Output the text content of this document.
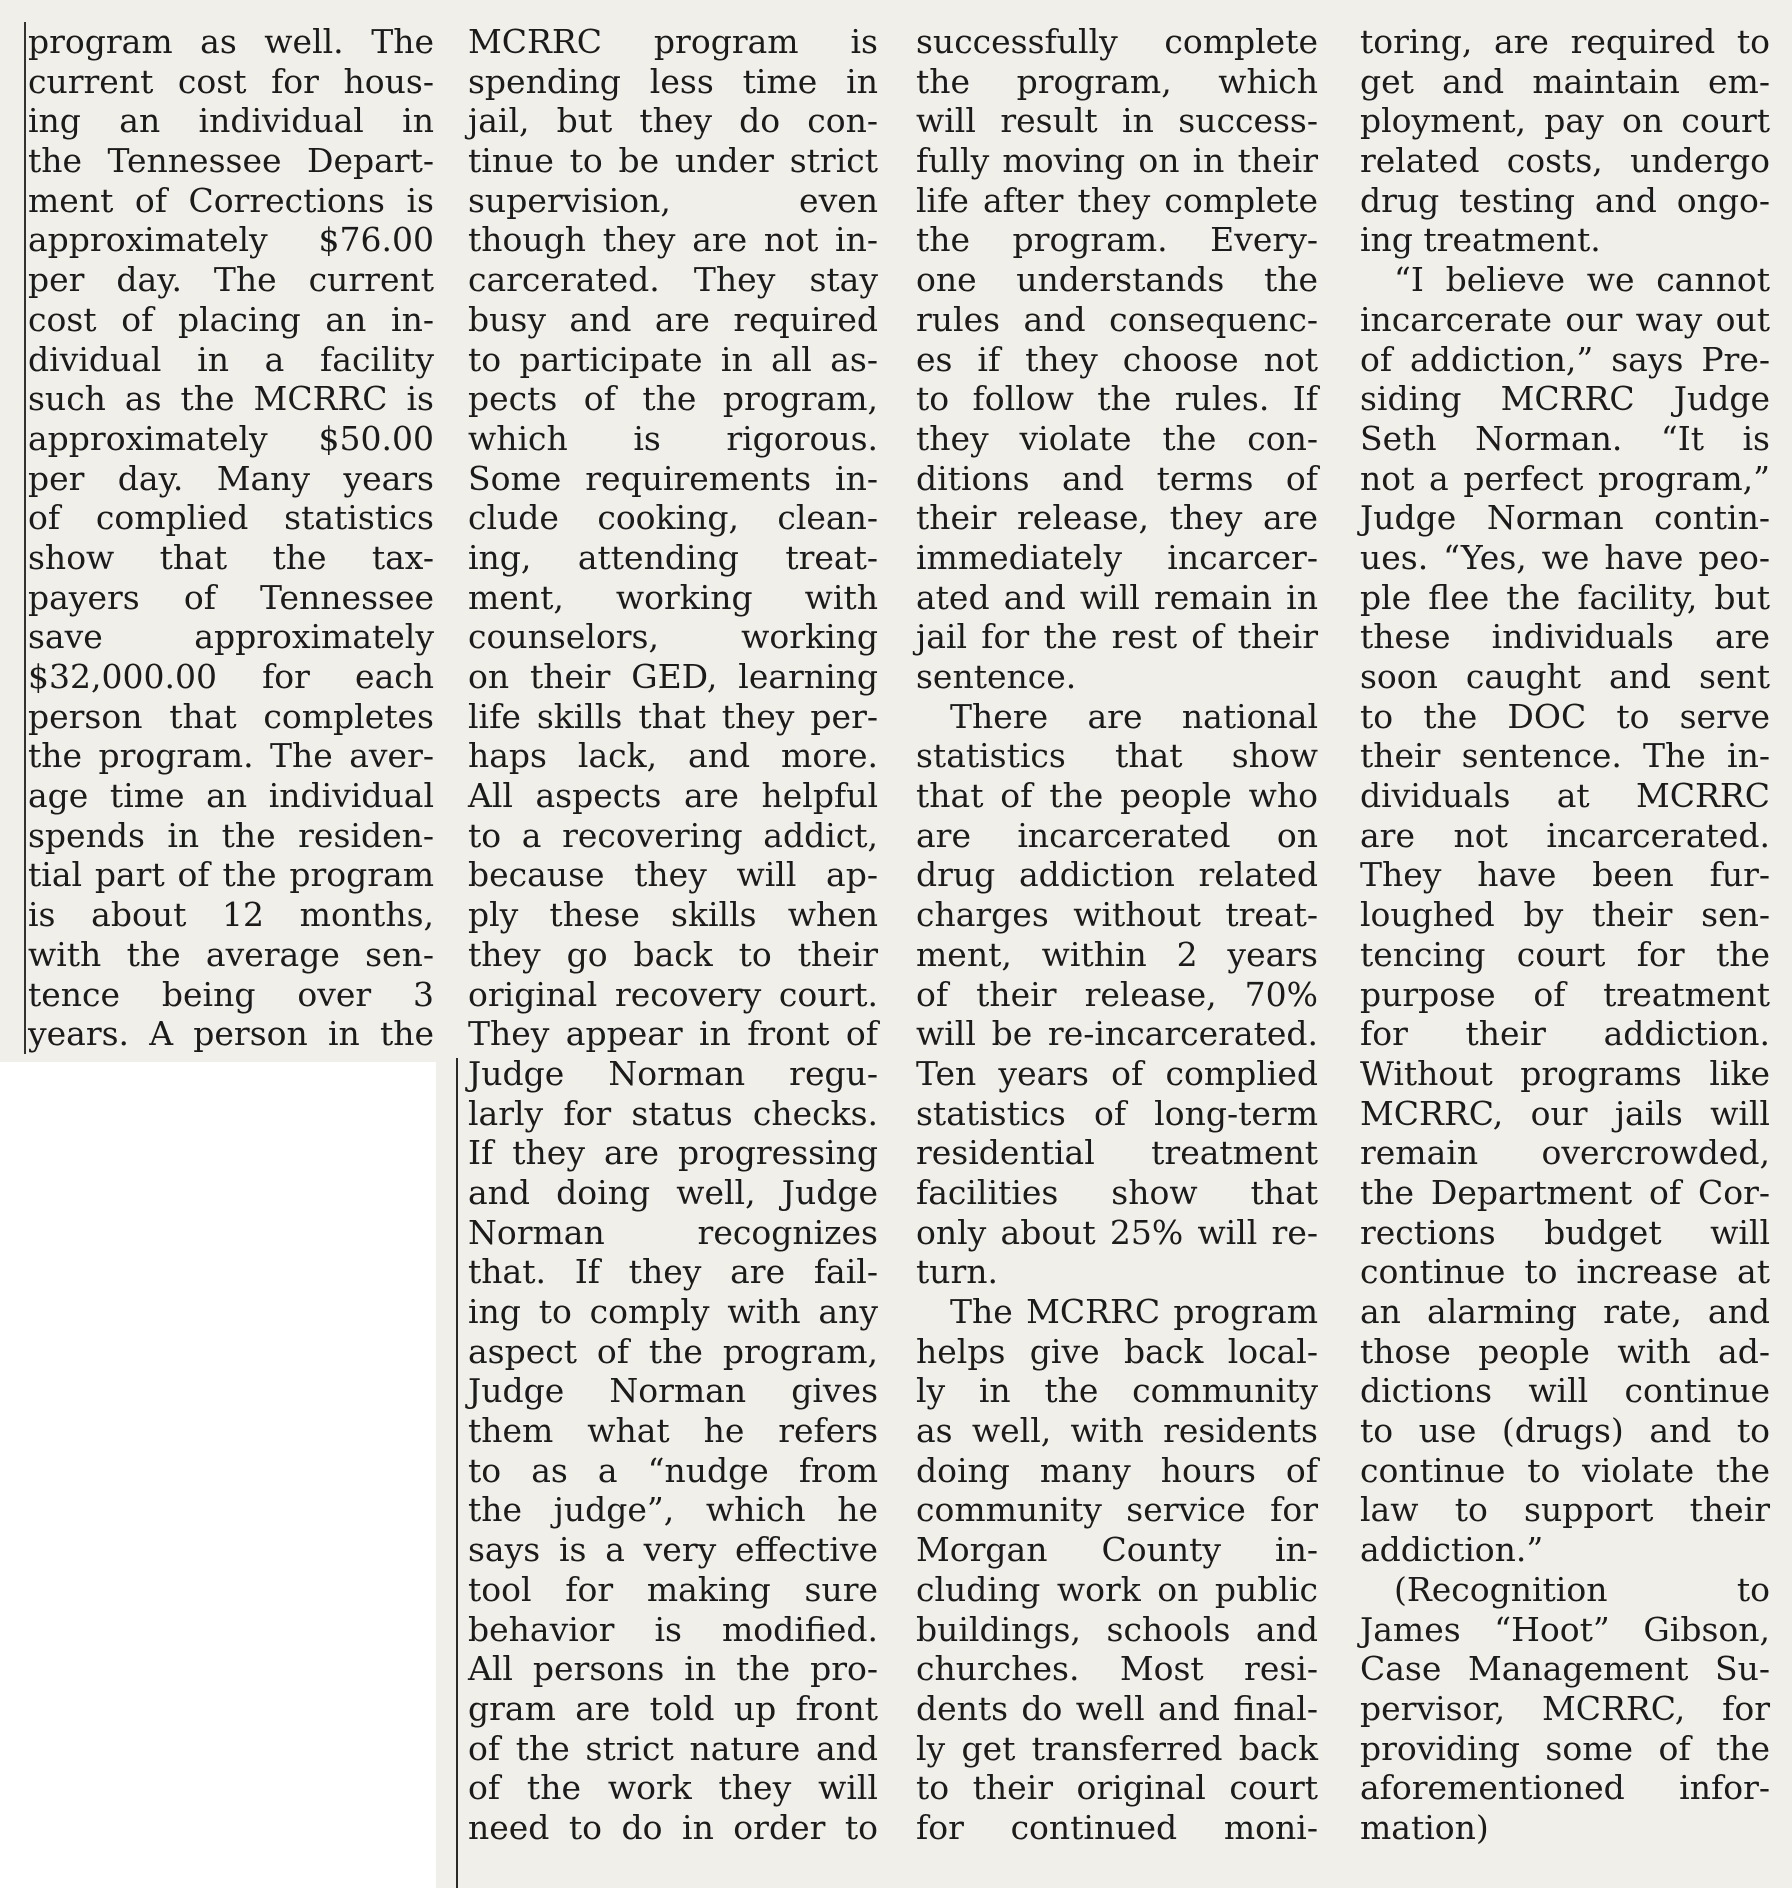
program as well. The
current cost for hous-
ing an individual in
the Tennessee Depart-
ment of Corrections is
approximately $76.00
per day. The current
cost of placing an in-
dividual in a facility
such as the MCRRC is
approximately $50.00
per day. Many years
of complied statistics
show that the tax-
payers of Tennessee
save approximately
$32,000.00 for each
person that completes
the program. The aver-
age time an individual
spends in the residen-
tial part of the program
is about 12 months,
with the average sen-
tence being over 3
years. A person in the
MCRRC program is
spending less time in
jail, but they do con-
tinue to be under strict
supervision, even
though they are not in-
carcerated. They stay
busy and are required
to participate in all as-
pects of the program,
which is rigorous.
Some requirements in-
clude cooking, clean-
ing, attending treat-
ment, working with
counselors, working
on their GED, learning
life skills that they per-
haps lack, and more.
All aspects are helpful
to a recovering addict,
because they will ap-
ply these skills when
they go back to their
original recovery court.
They appear in front of
Judge Norman regu-
larly for status checks.
If they are progressing
and doing well, Judge
Norman recognizes
that. If they are fail-
ing to comply with any
aspect of the program,
Judge Norman gives
them what he refers
to as a “nudge from
the judge”, which he
says is a very effective
tool for making sure
behavior is modified.
All persons in the pro-
gram are told up front
of the strict nature and
of the work they will
need to do in order to
successfully complete
the program, which
will result in success-
fully moving on in their
life after they complete
the program. Every-
one understands the
rules and consequenc-
es if they choose not
to follow the rules. If
they violate the con-
ditions and terms of
their release, they are
immediately incarcer-
ated and will remain in
jail for the rest of their
sentence.
There are national
statistics that show
that of the people who
are incarcerated on
drug addiction related
charges without treat-
ment, within 2 years
of their release, 70%
will be re-incarcerated.
Ten years of complied
statistics of long-term
residential treatment
facilities show that
only about 25% will re-
turn.
The MCRRC program
helps give back local-
ly in the community
as well, with residents
doing many hours of
community service for
Morgan County in-
cluding work on public
buildings, schools and
churches. Most resi-
dents do well and final-
ly get transferred back
to their original court
for continued moni-
toring, are required to
get and maintain em-
ployment, pay on court
related costs, undergo
drug testing and ongo-
ing treatment.
“I believe we cannot
incarcerate our way out
of addiction,” says Pre-
siding MCRRC Judge
Seth Norman. “It is
not a perfect program,”
Judge Norman contin-
ues. “Yes, we have peo-
ple flee the facility, but
these individuals are
soon caught and sent
to the DOC to serve
their sentence. The in-
dividuals at MCRRC
are not incarcerated.
They have been fur-
loughed by their sen-
tencing court for the
purpose of treatment
for their addiction.
Without programs like
MCRRC, our jails will
remain overcrowded,
the Department of Cor-
rections budget will
continue to increase at
an alarming rate, and
those people with ad-
dictions will continue
to use (drugs) and to
continue to violate the
law to support their
addiction.”
(Recognition to
James “Hoot” Gibson,
Case Management Su-
pervisor, MCRRC, for
providing some of the
aforementioned infor-
mation)
